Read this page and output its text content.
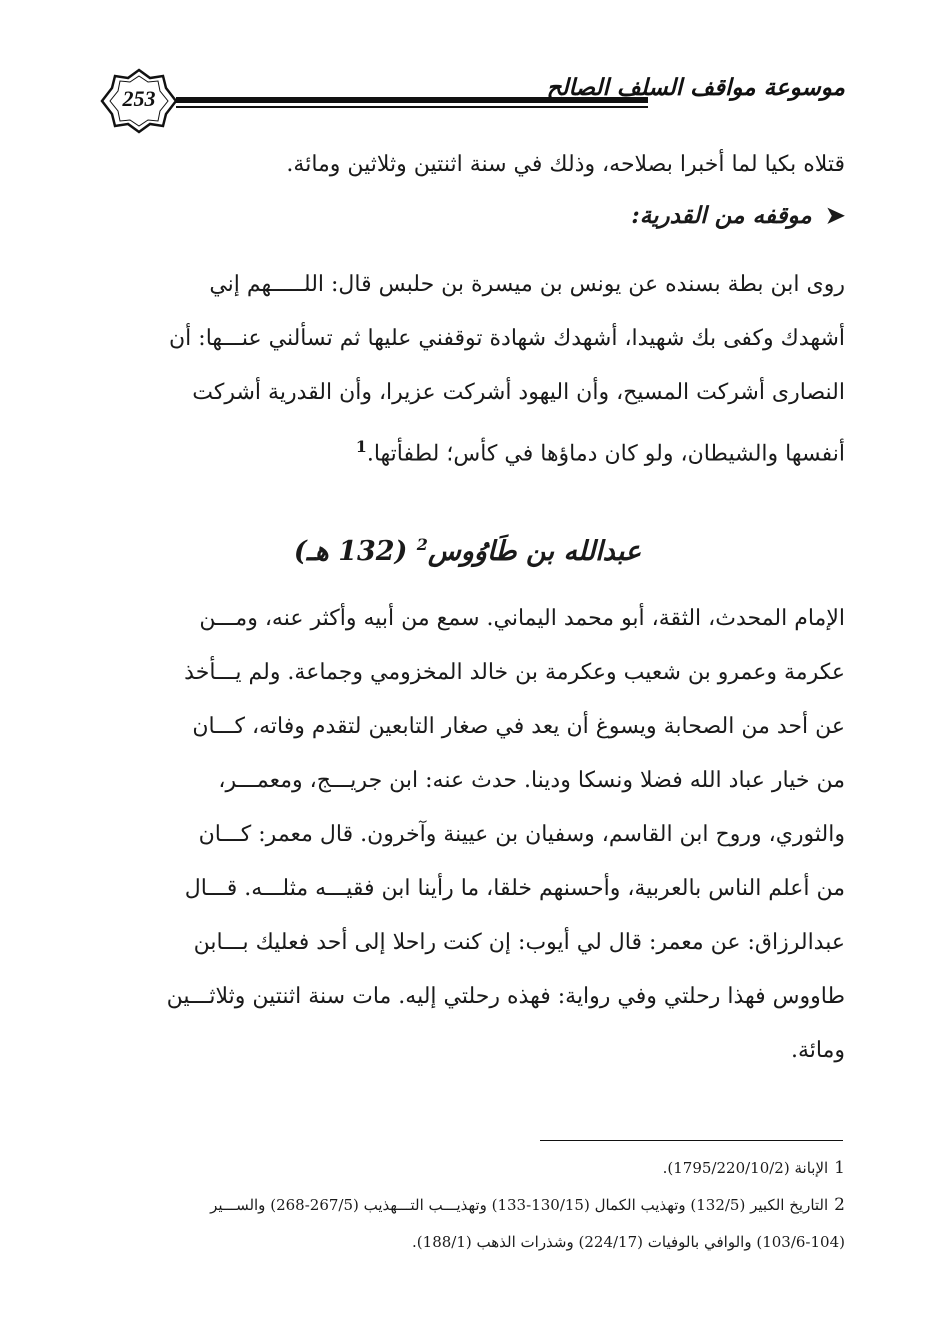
253	موسوعة مواقف السلف الصالح
قتلاه بكيا لما أخبرا بصلاحه، وذلك في سنة اثنتين وثلاثين ومائة.
➤موقفه من القدرية:
روى ابن بطة بسنده عن يونس بن ميسرة بن حلبس قال: اللـــــهم إني
أشهدك وكفى بك شهيدا، أشهدك شهادة توقفني عليها ثم تسألني عنـــها: أن
النصارى أشركت المسيح، وأن اليهود أشركت عزيرا، وأن القدرية أشركت
أنفسها والشيطان، ولو كان دماؤها في كأس؛ لطفأتها.$^1$
عبدالله بن طَاوُوس$^2$ (132 هـ)
الإمام المحدث، الثقة، أبو محمد اليماني. سمع من أبيه وأكثر عنه، ومـــن
عكرمة وعمرو بن شعيب وعكرمة بن خالد المخزومي وجماعة. ولم يـــأخذ
عن أحد من الصحابة ويسوغ أن يعد في صغار التابعين لتقدم وفاته، كـــان
من خيار عباد الله فضلا ونسكا ودينا. حدث عنه: ابن جريـــج، ومعمـــر،
والثوري، وروح ابن القاسم، وسفيان بن عيينة وآخرون. قال معمر: كـــان
من أعلم الناس بالعربية، وأحسنهم خلقا، ما رأينا ابن فقيـــه مثلـــه. قـــال
عبدالرزاق: عن معمر: قال لي أيوب: إن كنت راحلا إلى أحد فعليك بـــابن
طاووس فهذا رحلتي وفي رواية: فهذه رحلتي إليه. مات سنة اثنتين وثلاثـــين
ومائة.
1الإبانة (1795/220/10/2).
2التاريخ الكبير (132/5) وتهذيب الكمال (130/15-133) وتهذيـــب التـــهذيب (267/5-268) والســـير
(103/6-104) والوافي بالوفيات (224/17) وشذرات الذهب (188/1).
